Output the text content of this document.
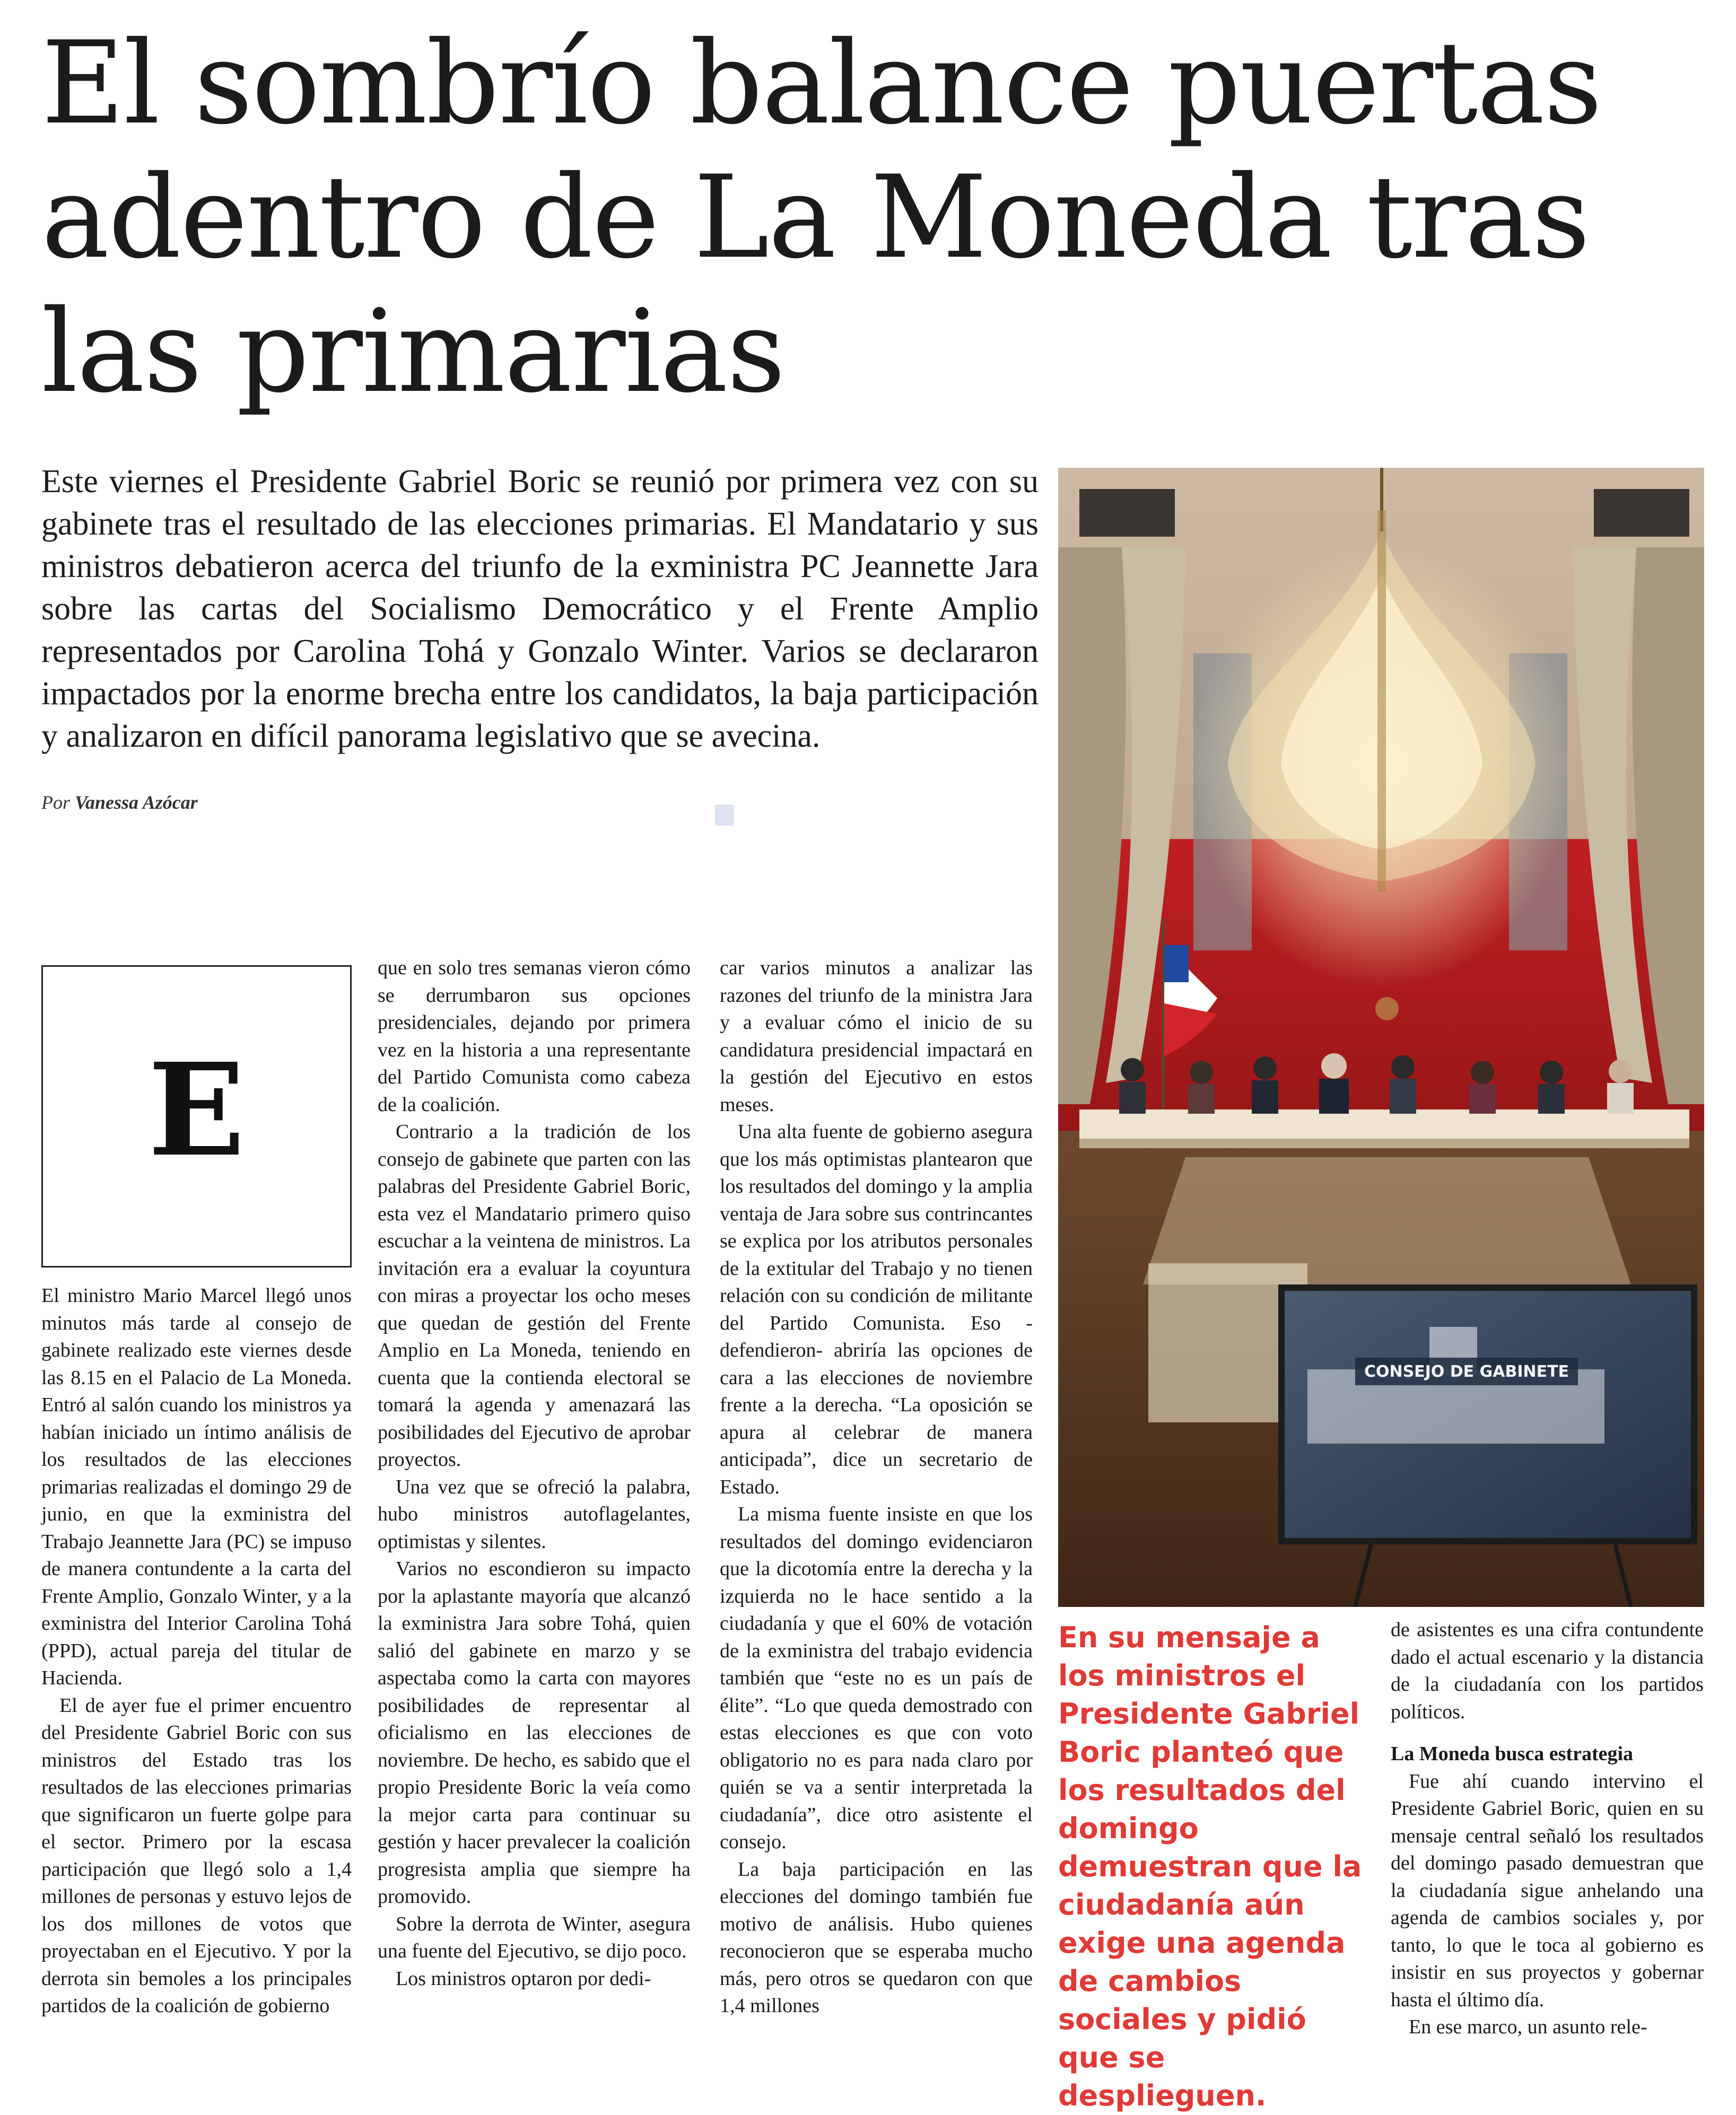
El sombrío balance puertas adentro de La Moneda tras las primarias

Este viernes el Presidente Gabriel Boric se reunió por primera vez con su gabinete tras el resultado de las elecciones primarias. El Mandatario y sus ministros debatieron acerca del triunfo de la exministra PC Jeannette Jara sobre las cartas del Socialismo Democrático y el Frente Amplio representados por Carolina Tohá y Gonzalo Winter. Varios se declararon impactados por la enorme brecha entre los candidatos, la baja participación y analizaron en difícil panorama legislativo que se avecina.

Por Vanessa Azócar
CONSEJO DE GABINETE
E

El ministro Mario Marcel llegó unos minutos más tarde al consejo de gabinete realizado este viernes desde las 8.15 en el Palacio de La Moneda. Entró al salón cuando los ministros ya habían iniciado un íntimo análisis de los resultados de las elecciones primarias realizadas el domingo 29 de junio, en que la exministra del Trabajo Jeannette Jara (PC) se impuso de manera contundente a la carta del Frente Amplio, Gonzalo Winter, y a la exministra del Interior Carolina Tohá (PPD), actual pareja del titular de Hacienda.

El de ayer fue el primer encuentro del Presidente Gabriel Boric con sus ministros del Estado tras los resultados de las elecciones primarias que significaron un fuerte golpe para el sector. Primero por la escasa participación que llegó solo a 1,4 millones de personas y estuvo lejos de los dos millones de votos que proyectaban en el Ejecutivo. Y por la derrota sin bemoles a los principales partidos de la coalición de gobierno

que en solo tres semanas vieron cómo se derrumbaron sus opciones presidenciales, dejando por primera vez en la historia a una representante del Partido Comunista como cabeza de la coalición.

Contrario a la tradición de los consejo de gabinete que parten con las palabras del Presidente Gabriel Boric, esta vez el Mandatario primero quiso escuchar a la veintena de ministros. La invitación era a evaluar la coyuntura con miras a proyectar los ocho meses que quedan de gestión del Frente Amplio en La Moneda, teniendo en cuenta que la contienda electoral se tomará la agenda y amenazará las posibilidades del Ejecutivo de aprobar proyectos.

Una vez que se ofreció la palabra, hubo ministros autoflagelantes, optimistas y silentes.

Varios no escondieron su impacto por la aplastante mayoría que alcanzó la exministra Jara sobre Tohá, quien salió del gabinete en marzo y se aspectaba como la carta con mayores posibilidades de representar al oficialismo en las elecciones de noviembre. De hecho, es sabido que el propio Presidente Boric la veía como la mejor carta para continuar su gestión y hacer prevalecer la coalición progresista amplia que siempre ha promovido.

Sobre la derrota de Winter, asegura una fuente del Ejecutivo, se dijo poco.

Los ministros optaron por dedi-

car varios minutos a analizar las razones del triunfo de la ministra Jara y a evaluar cómo el inicio de su candidatura presidencial impactará en la gestión del Ejecutivo en estos meses.

Una alta fuente de gobierno asegura que los más optimistas plantearon que los resultados del domingo y la amplia ventaja de Jara sobre sus contrincantes se explica por los atributos personales de la extitular del Trabajo y no tienen relación con su condición de militante del Partido Comunista. Eso -defendieron- abriría las opciones de cara a las elecciones de noviembre frente a la derecha. “La oposición se apura al celebrar de manera anticipada”, dice un secretario de Estado.

La misma fuente insiste en que los resultados del domingo evidenciaron que la dicotomía entre la derecha y la izquierda no le hace sentido a la ciudadanía y que el 60% de votación de la exministra del trabajo evidencia también que “este no es un país de élite”. “Lo que queda demostrado con estas elecciones es que con voto obligatorio no es para nada claro por quién se va a sentir interpretada la ciudadanía”, dice otro asistente el consejo.

La baja participación en las elecciones del domingo también fue motivo de análisis. Hubo quienes reconocieron que se esperaba mucho más, pero otros se quedaron con que 1,4 millones

En su mensaje a los ministros el Presidente Gabriel Boric planteó que los resultados del domingo demuestran que la ciudadanía aún exige una agenda de cambios sociales y pidió que se desplieguen.

de asistentes es una cifra contundente dado el actual escenario y la distancia de la ciudadanía con los partidos políticos.

La Moneda busca estrategia

Fue ahí cuando intervino el Presidente Gabriel Boric, quien en su mensaje central señaló los resultados del domingo pasado demuestran que la ciudadanía sigue anhelando una agenda de cambios sociales y, por tanto, lo que le toca al gobierno es insistir en sus proyectos y gobernar hasta el último día.

En ese marco, un asunto rele-
